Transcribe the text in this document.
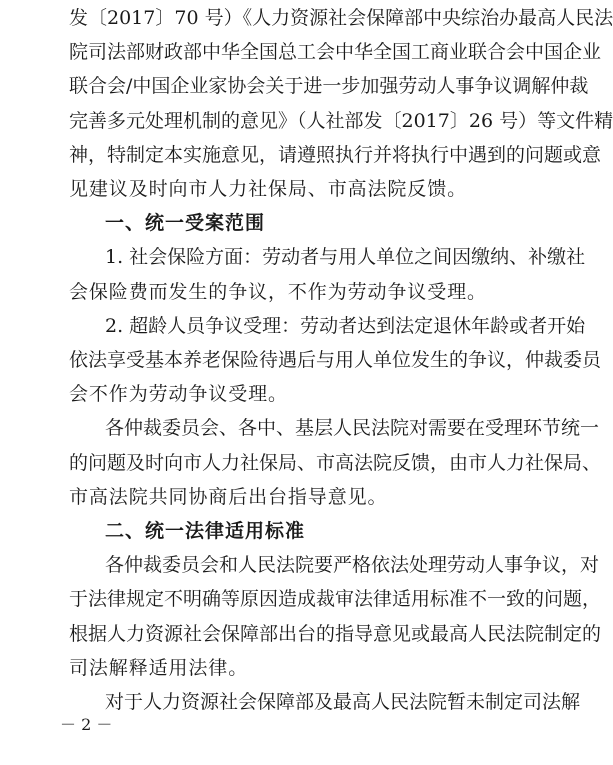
发〔2017〕70 号）《人力资源社会保障部中央综治办最高人民法
院司法部财政部中华全国总工会中华全国工商业联合会中国企业
联合会/中国企业家协会关于进一步加强劳动人事争议调解仲裁
完善多元处理机制的意见》（人社部发〔2017〕26 号）等文件精
神，特制定本实施意见，请遵照执行并将执行中遇到的问题或意
见建议及时向市人力社保局、市高法院反馈。
一、统一受案范围
1. 社会保险方面：劳动者与用人单位之间因缴纳、补缴社
会保险费而发生的争议，不作为劳动争议受理。
2. 超龄人员争议受理：劳动者达到法定退休年龄或者开始
依法享受基本养老保险待遇后与用人单位发生的争议，仲裁委员
会不作为劳动争议受理。
各仲裁委员会、各中、基层人民法院对需要在受理环节统一
的问题及时向市人力社保局、市高法院反馈，由市人力社保局、
市高法院共同协商后出台指导意见。
二、统一法律适用标准
各仲裁委员会和人民法院要严格依法处理劳动人事争议，对
于法律规定不明确等原因造成裁审法律适用标准不一致的问题，
根据人力资源社会保障部出台的指导意见或最高人民法院制定的
司法解释适用法律。
对于人力资源社会保障部及最高人民法院暂未制定司法解
－ 2 －
